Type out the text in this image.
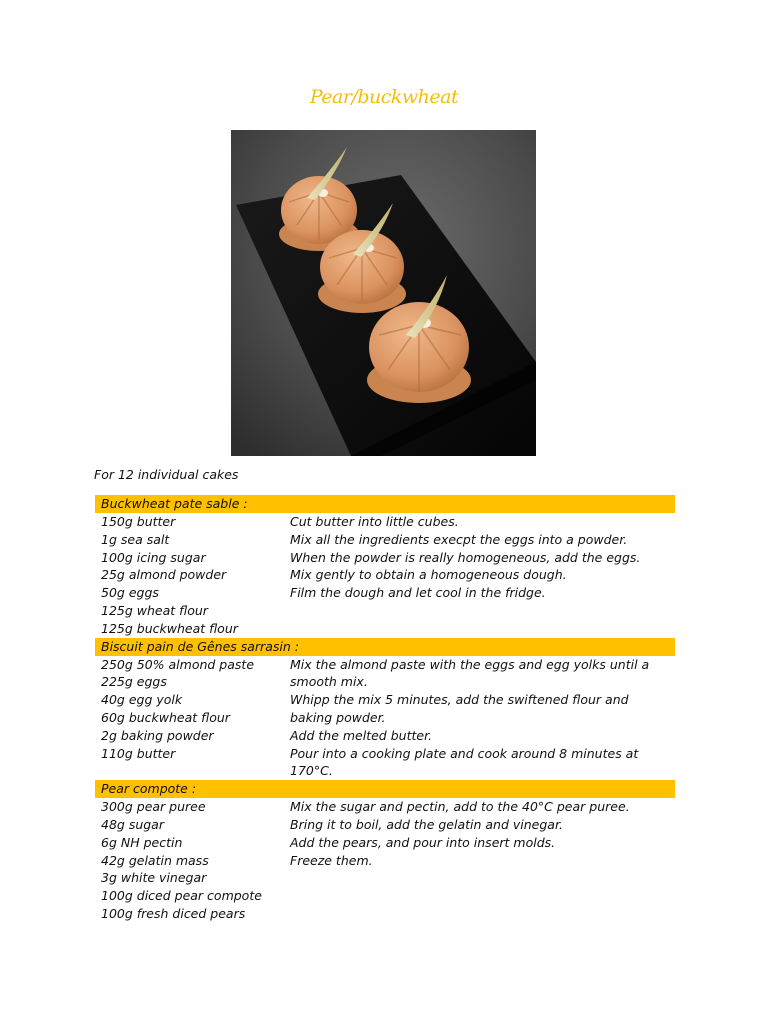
Pear/buckwheat
For 12 individual cakes
Buckwheat pate sable :
150g butter
1g sea salt
100g icing sugar
25g almond powder
50g eggs
125g wheat flour
125g buckwheat flour
Cut butter into little cubes.
Mix all the ingredients execpt the eggs into a powder.
When the powder is really homogeneous, add the eggs.
Mix gently to obtain a homogeneous dough.
Film the dough and let cool in the fridge.
Biscuit pain de Gênes sarrasin :
250g 50% almond paste
225g eggs
40g egg yolk
60g buckwheat flour
2g baking powder
110g butter
Mix the almond paste with the eggs and egg yolks until a smooth mix.
Whipp the mix 5 minutes, add the swiftened flour and baking powder.
Add the melted butter.
Pour into a cooking plate and cook around 8 minutes at 170°C.
Pear compote :
300g pear puree
48g sugar
6g NH pectin
42g gelatin mass
3g white vinegar
100g diced pear compote
100g fresh diced pears
Mix the sugar and pectin, add to the 40°C pear puree.
Bring it to boil, add the gelatin and vinegar.
Add the pears, and pour into insert molds.
Freeze them.
